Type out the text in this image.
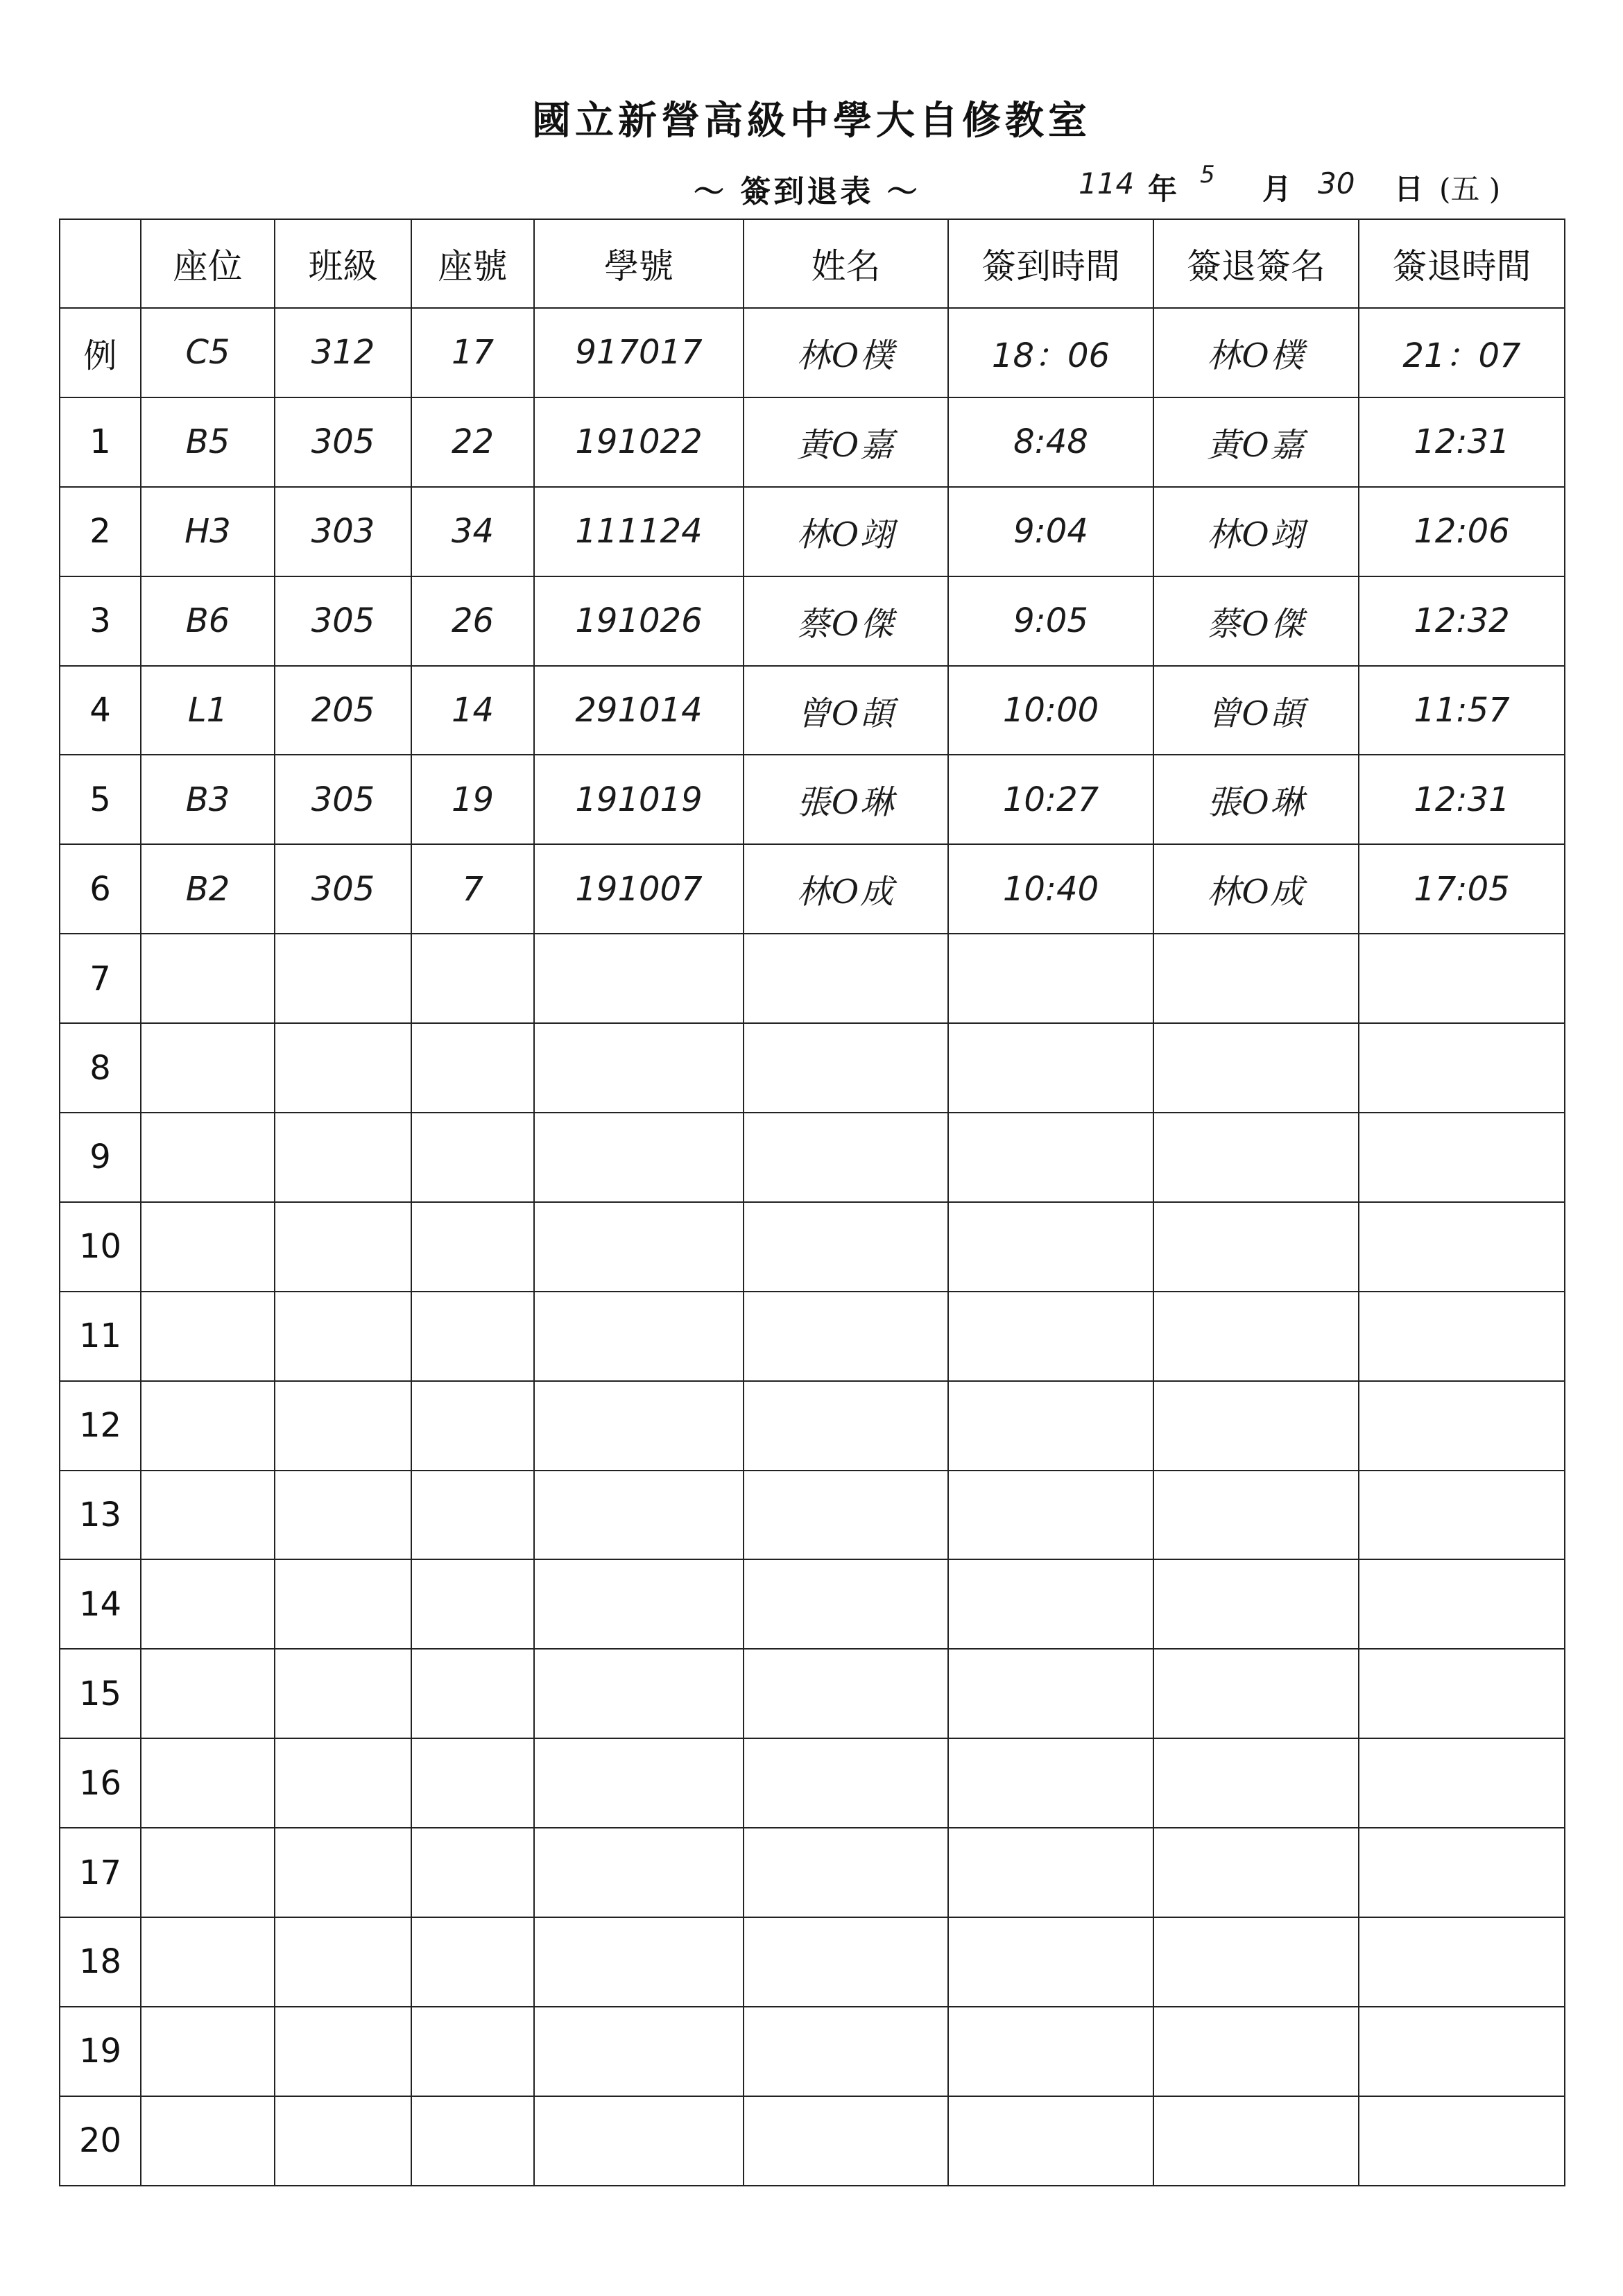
國立新營高級中學大自修教室
～ 簽到退表 ～	114 年 5 月 30 日 (五 )
	座位	班級	座號	學號	姓名	簽到時間	簽退簽名	簽退時間
例	C5	312	17	917017	林O樸	18：06	林O樸	21：07
1	B5	305	22	191022	黃O嘉	8:48	黃O嘉	12:31
2	H3	303	34	111124	林O翊	9:04	林O翊	12:06
3	B6	305	26	191026	蔡O傑	9:05	蔡O傑	12:32
4	L1	205	14	291014	曾O頡	10:00	曾O頡	11:57
5	B3	305	19	191019	張O琳	10:27	張O琳	12:31
6	B2	305	7	191007	林O成	10:40	林O成	17:05
7								
8								
9								
10								
11								
12								
13								
14								
15								
16								
17								
18								
19								
20								
